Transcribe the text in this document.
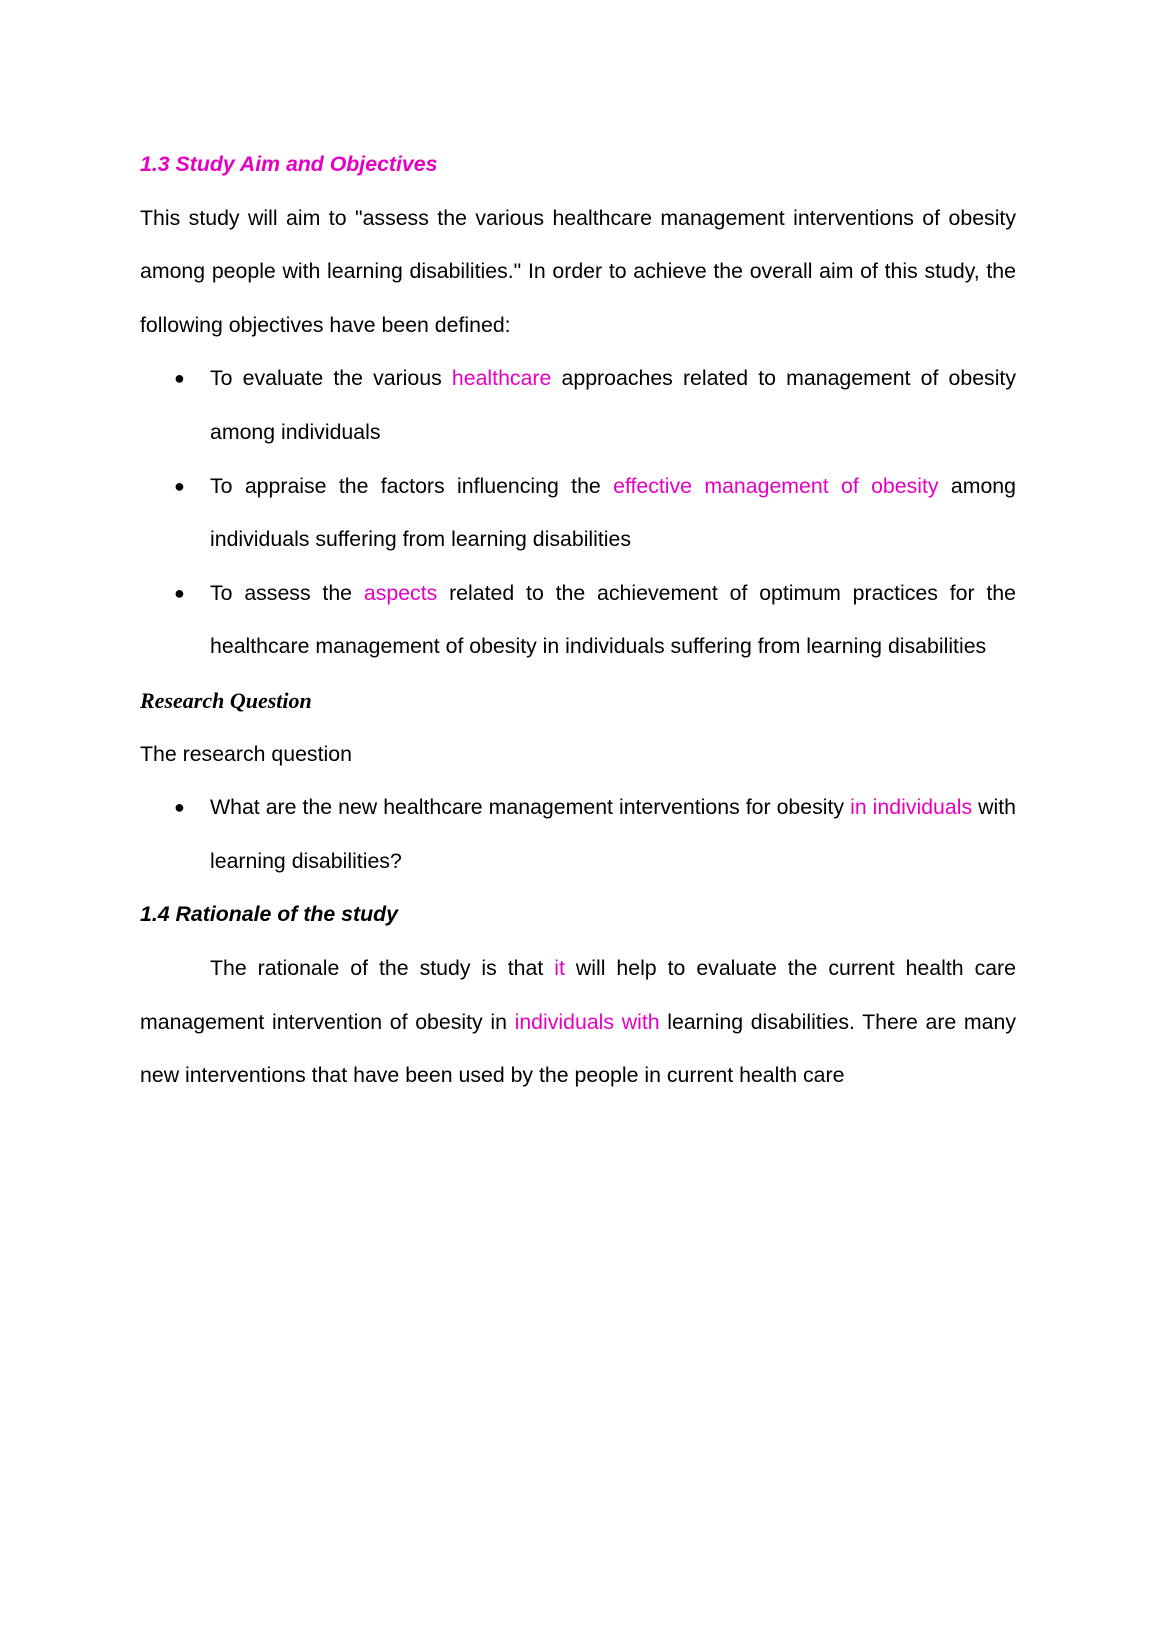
1.3 Study Aim and Objectives

This study will aim to "assess the various healthcare management interventions of obesity among people with learning disabilities." In order to achieve the overall aim of this study, the following objectives have been defined:

● To evaluate the various healthcare approaches related to management of obesity among individuals
● To appraise the factors influencing the effective management of obesity among individuals suffering from learning disabilities
● To assess the aspects related to the achievement of optimum practices for the healthcare management of obesity in individuals suffering from learning disabilities

Research Question

The research question

● What are the new healthcare management interventions for obesity in individuals with learning disabilities?

1.4 Rationale of the study

The rationale of the study is that it will help to evaluate the current health care management intervention of obesity in individuals with learning disabilities. There are many new interventions that have been used by the people in current health care
